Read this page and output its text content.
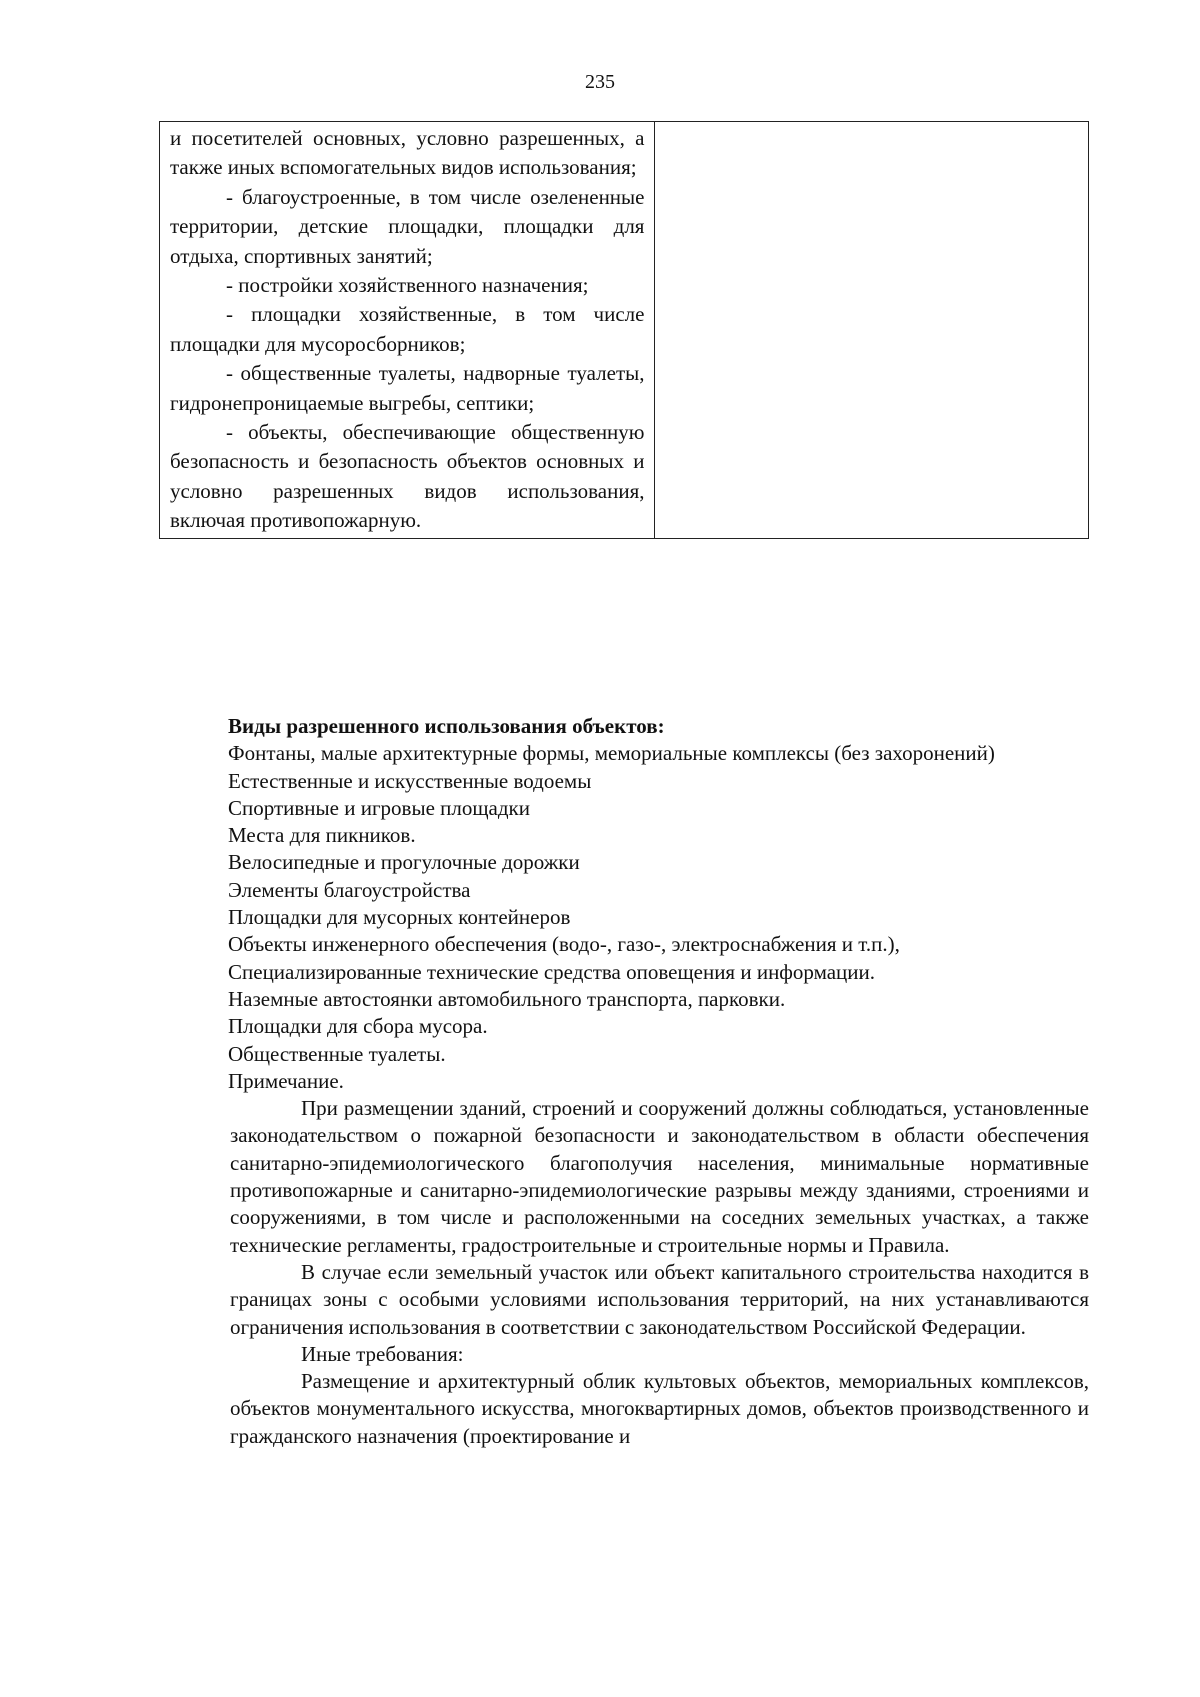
235

и посетителей основных, условно разрешенных, а также иных вспомогательных видов использования;

- благоустроенные, в том числе озелененные территории, детские площадки, площадки для отдыха, спортивных занятий;

- постройки хозяйственного назначения;

- площадки хозяйственные, в том числе площадки для мусоросборников;

- общественные туалеты, надворные туалеты, гидронепроницаемые выгребы, септики;

- объекты, обеспечивающие общественную безопасность и безопасность объектов основных и условно разрешенных видов использования, включая противопожарную.

Виды разрешенного использования объектов:

Фонтаны, малые архитектурные формы, мемориальные комплексы (без захоронений)

Естественные и искусственные водоемы

Спортивные и игровые площадки

Места для пикников.

Велосипедные и прогулочные дорожки

Элементы благоустройства

Площадки для мусорных контейнеров

Объекты инженерного обеспечения (водо-, газо-, электроснабжения и т.п.),

Специализированные технические средства оповещения и информации.

Наземные автостоянки автомобильного транспорта, парковки.

Площадки для сбора мусора.

Общественные туалеты.

Примечание.

При размещении зданий, строений и сооружений должны соблюдаться, установленные законодательством о пожарной безопасности и законодательством в области обеспечения санитарно-эпидемиологического благополучия населения, минимальные нормативные противопожарные и санитарно-эпидемиологические разрывы между зданиями, строениями и сооружениями, в том числе и расположенными на соседних земельных участках, а также технические регламенты, градостроительные и строительные нормы и Правила.

В случае если земельный участок или объект капитального строительства находится в границах зоны с особыми условиями использования территорий, на них устанавливаются ограничения использования в соответствии с законодательством Российской Федерации.

Иные требования:

Размещение и архитектурный облик культовых объектов, мемориальных комплексов, объектов монументального искусства, многоквартирных домов, объектов производственного и гражданского назначения (проектирование и
